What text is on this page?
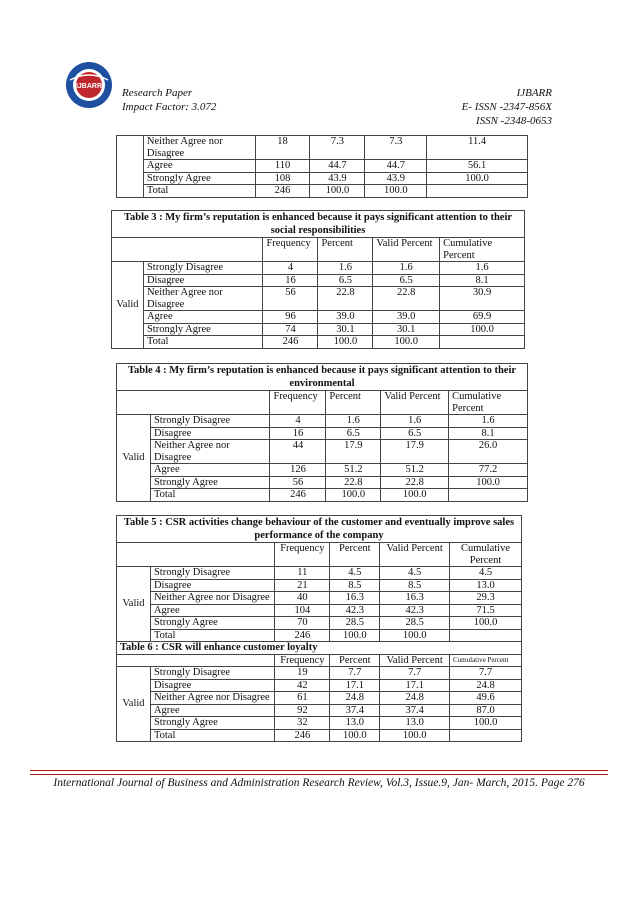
IJBARR
Research Paper
Impact Factor: 3.072
IJBARR
E- ISSN -2347-856X
ISSN -2348-0653
	Neither Agree nor Disagree	18	7.3	7.3	11.4
	Agree	110	44.7	44.7	56.1
	Strongly Agree	108	43.9	43.9	100.0
	Total	246	100.0	100.0	
Table 3 : My firm’s reputation is enhanced because it pays significant attention to their social responsibilities					
		Frequency	Percent	Valid Percent	Cumulative Percent
Valid	Strongly Disagree	4	1.6	1.6	1.6
	Disagree	16	6.5	6.5	8.1
	Neither Agree nor Disagree	56	22.8	22.8	30.9
	Agree	96	39.0	39.0	69.9
	Strongly Agree	74	30.1	30.1	100.0
	Total	246	100.0	100.0	
Table 4 : My firm’s reputation is enhanced because it pays significant attention to their environmental					
		Frequency	Percent	Valid Percent	Cumulative Percent
Valid	Strongly Disagree	4	1.6	1.6	1.6
	Disagree	16	6.5	6.5	8.1
	Neither Agree nor Disagree	44	17.9	17.9	26.0
	Agree	126	51.2	51.2	77.2
	Strongly Agree	56	22.8	22.8	100.0
	Total	246	100.0	100.0	
Table 5 : CSR activities change behaviour of the customer and eventually improve sales performance of the company					
		Frequency	Percent	Valid Percent	Cumulative Percent
Valid	Strongly Disagree	11	4.5	4.5	4.5
	Disagree	21	8.5	8.5	13.0
	Neither Agree nor Disagree	40	16.3	16.3	29.3
	Agree	104	42.3	42.3	71.5
	Strongly Agree	70	28.5	28.5	100.0
	Total	246	100.0	100.0	
Table 6 : CSR will enhance customer loyalty					
		Frequency	Percent	Valid Percent	Cumulative Percent
Valid	Strongly Disagree	19	7.7	7.7	7.7
	Disagree	42	17.1	17.1	24.8
	Neither Agree nor Disagree	61	24.8	24.8	49.6
	Agree	92	37.4	37.4	87.0
	Strongly Agree	32	13.0	13.0	100.0
	Total	246	100.0	100.0	
International Journal of Business and Administration Research Review, Vol.3, Issue.9, Jan- March, 2015. Page 276
